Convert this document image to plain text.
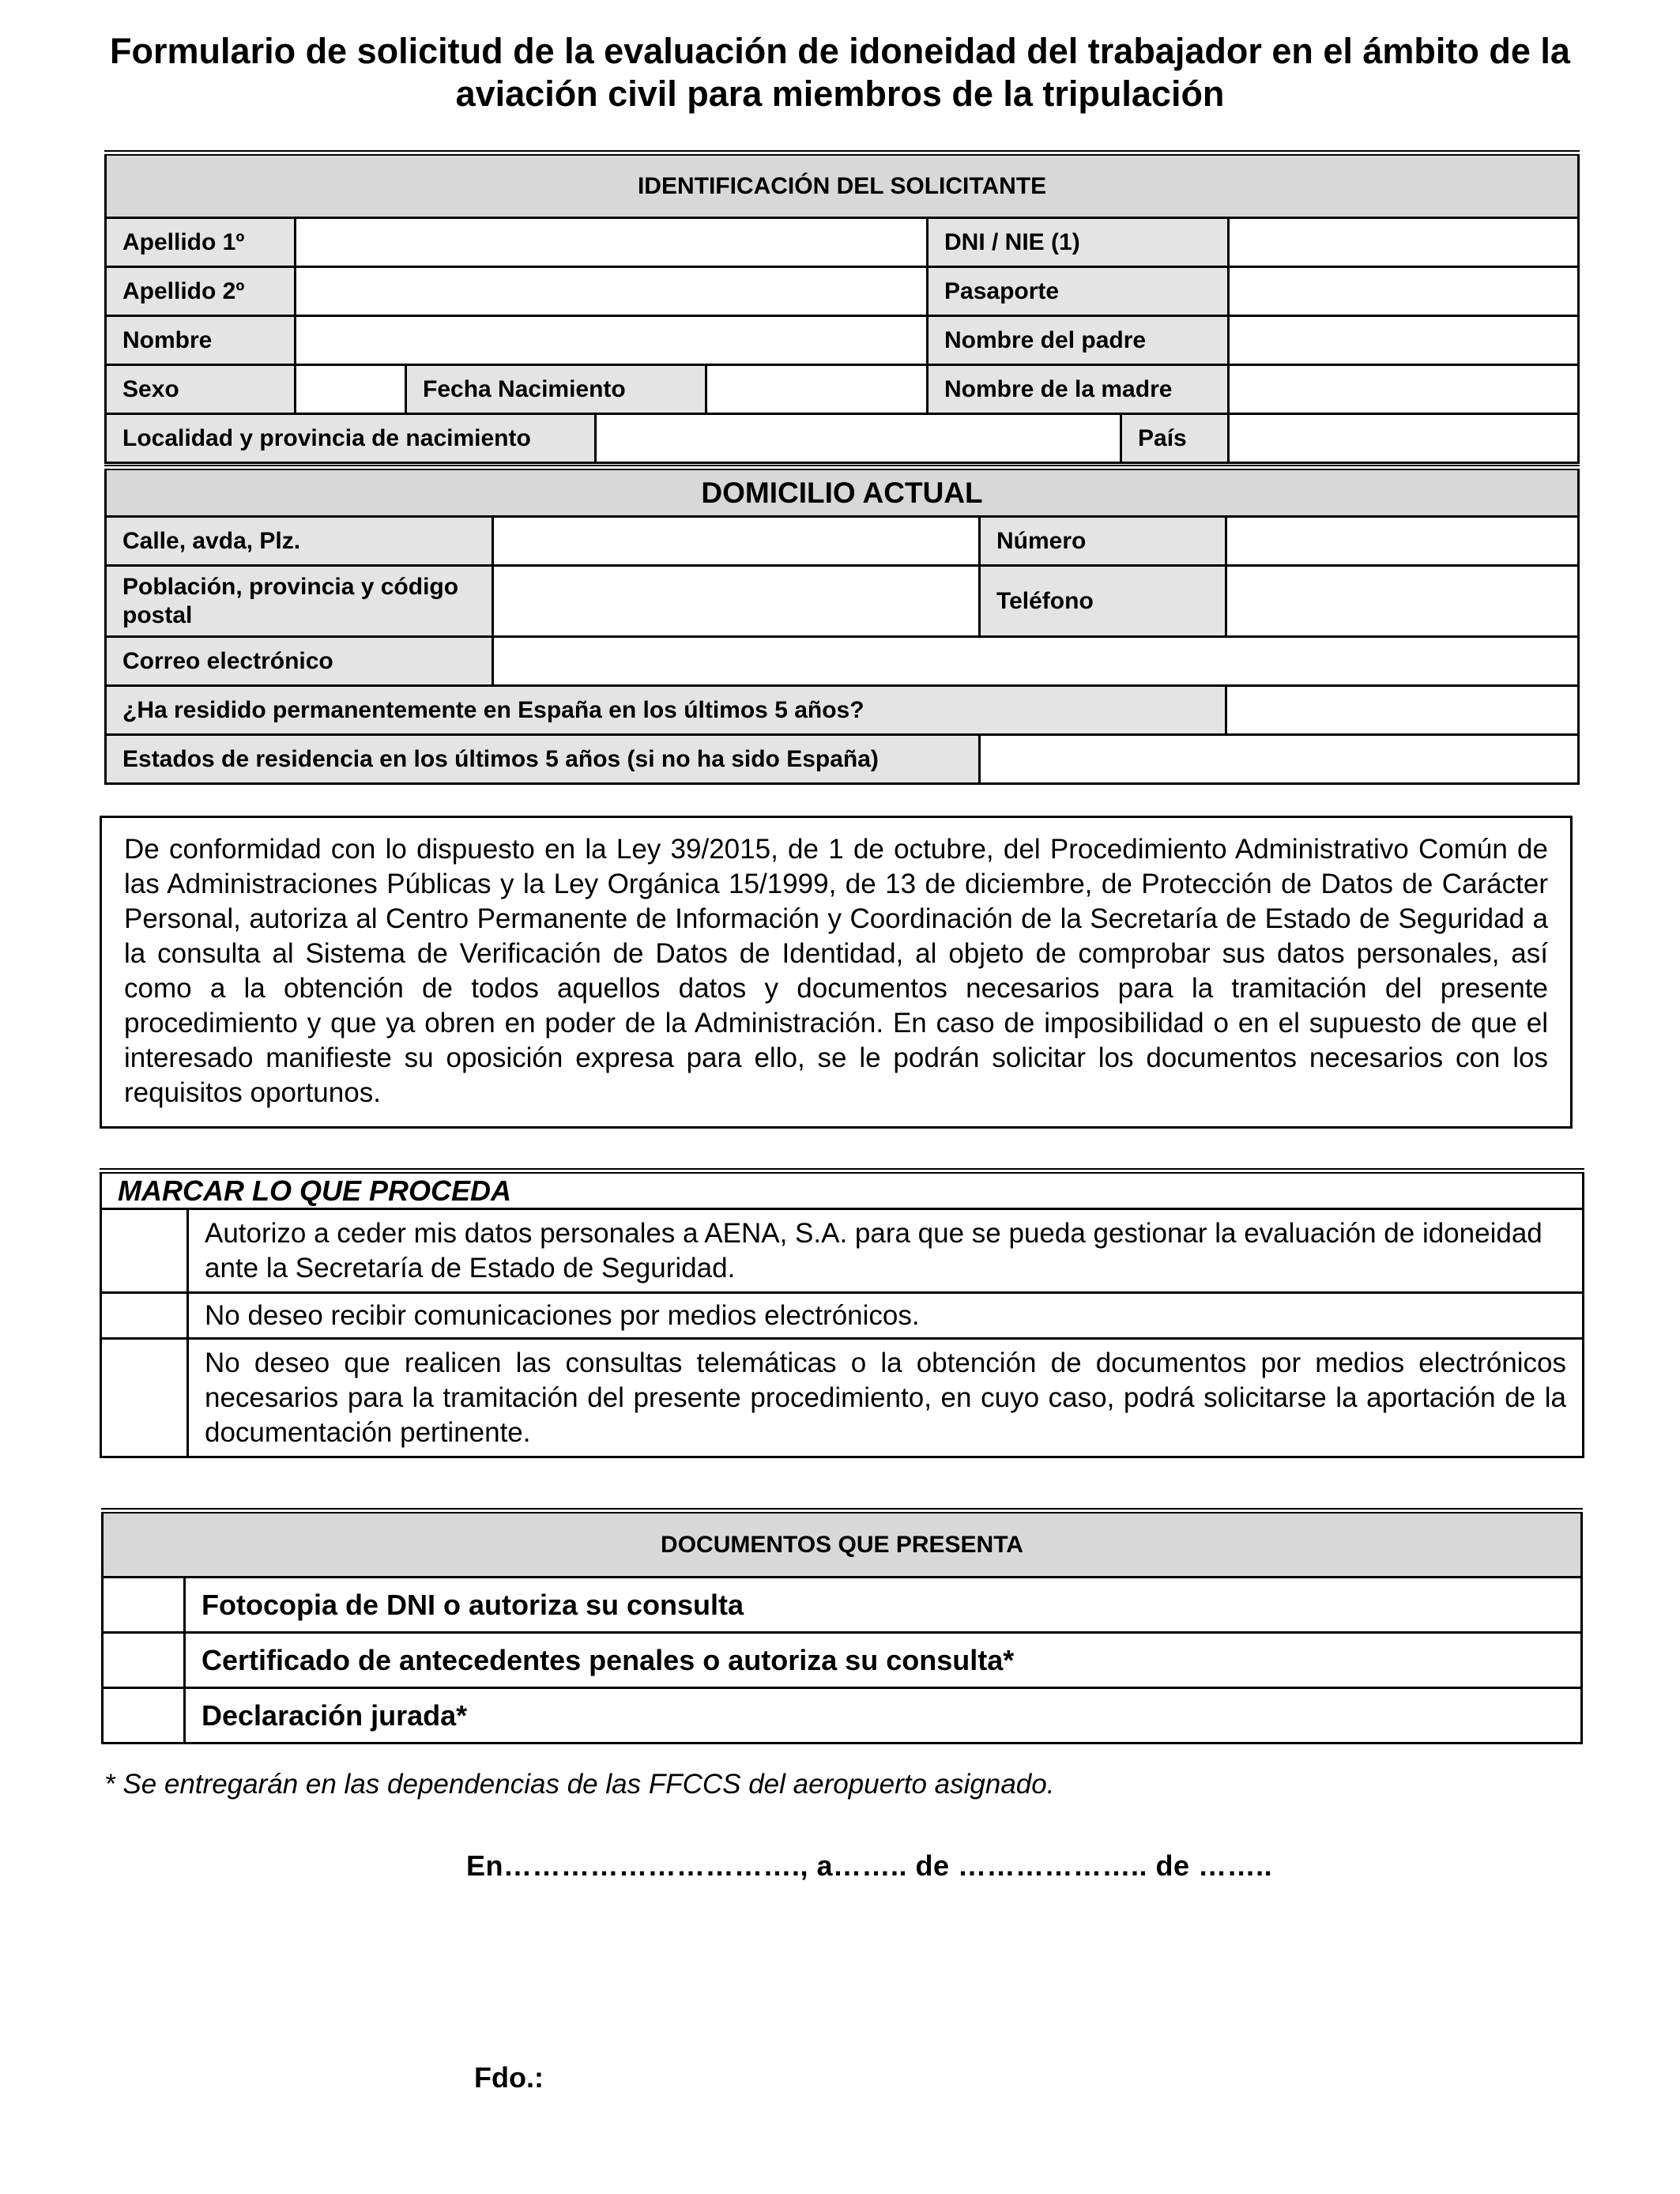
Formulario de solicitud de la evaluación de idoneidad del trabajador en el ámbito de la
aviación civil para miembros de la tripulación
IDENTIFICACIÓN DEL SOLICITANTE							
Apellido 1º					DNI / NIE (1)		
Apellido 2º					Pasaporte		
Nombre					Nombre del padre		
Sexo		Fecha Nacimiento			Nombre de la madre		
Localidad y provincia de nacimiento						País	
DOMICILIO ACTUAL			
Calle, avda, Plz.		Número	
Población, provincia y código postal		Teléfono	
Correo electrónico			
¿Ha residido permanentemente en España en los últimos 5 años?			
Estados de residencia en los últimos 5 años (si no ha sido España)			
De conformidad con lo dispuesto en la Ley 39/2015, de 1 de octubre, del Procedimiento Administrativo Común de las Administraciones Públicas y la Ley Orgánica 15/1999, de 13 de diciembre, de Protección de Datos de Carácter Personal, autoriza al Centro Permanente de Información y Coordinación de la Secretaría de Estado de Seguridad a la consulta al Sistema de Verificación de Datos de Identidad, al objeto de comprobar sus datos personales, así como a la obtención de todos aquellos datos y documentos necesarios para la tramitación del presente procedimiento y que ya obren en poder de la Administración. En caso de imposibilidad o en el supuesto de que el interesado manifieste su oposición expresa para ello, se le podrán solicitar los documentos necesarios con los requisitos oportunos.
MARCAR LO QUE PROCEDA	
	Autorizo a ceder mis datos personales a AENA, S.A. para que se pueda gestionar la evaluación de idoneidad ante la Secretaría de Estado de Seguridad.
	No deseo recibir comunicaciones por medios electrónicos.
	No deseo que realicen las consultas telemáticas o la obtención de documentos por medios electrónicos necesarios para la tramitación del presente procedimiento, en cuyo caso, podrá solicitarse la aportación de la documentación pertinente.
DOCUMENTOS QUE PRESENTA	
	Fotocopia de DNI o autoriza su consulta
	Certificado de antecedentes penales o autoriza su consulta*
	Declaración jurada*
* Se entregarán en las dependencias de las FFCCS del aeropuerto asignado.
En…………………………., a…….. de ……………….. de ……..
Fdo.:
